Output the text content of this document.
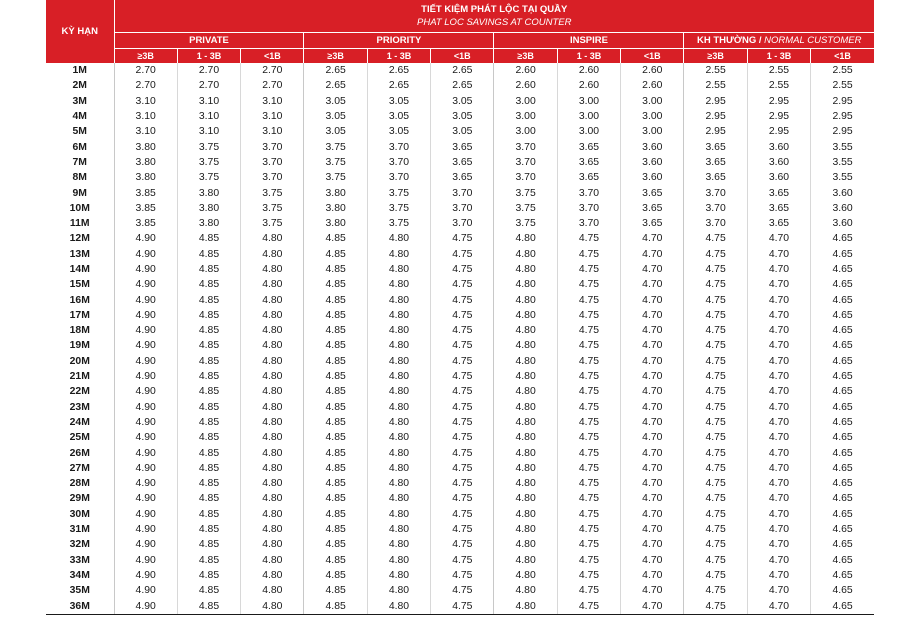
KỲ HẠN	TIẾT KIỆM PHÁT LỘC TẠI QUẦY
PHAT LOC SAVINGS AT COUNTER											

	PRIVATE			PRIORITY			INSPIRE			KH THƯỜNG / NORMAL CUSTOMER		
	≥3B	1 - 3B	<1B	≥3B	1 - 3B	<1B	≥3B	1 - 3B	<1B	≥3B	1 - 3B	<1B
1M	2.70	2.70	2.70	2.65	2.65	2.65	2.60	2.60	2.60	2.55	2.55	2.55
2M	2.70	2.70	2.70	2.65	2.65	2.65	2.60	2.60	2.60	2.55	2.55	2.55
3M	3.10	3.10	3.10	3.05	3.05	3.05	3.00	3.00	3.00	2.95	2.95	2.95
4M	3.10	3.10	3.10	3.05	3.05	3.05	3.00	3.00	3.00	2.95	2.95	2.95
5M	3.10	3.10	3.10	3.05	3.05	3.05	3.00	3.00	3.00	2.95	2.95	2.95
6M	3.80	3.75	3.70	3.75	3.70	3.65	3.70	3.65	3.60	3.65	3.60	3.55
7M	3.80	3.75	3.70	3.75	3.70	3.65	3.70	3.65	3.60	3.65	3.60	3.55
8M	3.80	3.75	3.70	3.75	3.70	3.65	3.70	3.65	3.60	3.65	3.60	3.55
9M	3.85	3.80	3.75	3.80	3.75	3.70	3.75	3.70	3.65	3.70	3.65	3.60
10M	3.85	3.80	3.75	3.80	3.75	3.70	3.75	3.70	3.65	3.70	3.65	3.60
11M	3.85	3.80	3.75	3.80	3.75	3.70	3.75	3.70	3.65	3.70	3.65	3.60
12M	4.90	4.85	4.80	4.85	4.80	4.75	4.80	4.75	4.70	4.75	4.70	4.65
13M	4.90	4.85	4.80	4.85	4.80	4.75	4.80	4.75	4.70	4.75	4.70	4.65
14M	4.90	4.85	4.80	4.85	4.80	4.75	4.80	4.75	4.70	4.75	4.70	4.65
15M	4.90	4.85	4.80	4.85	4.80	4.75	4.80	4.75	4.70	4.75	4.70	4.65
16M	4.90	4.85	4.80	4.85	4.80	4.75	4.80	4.75	4.70	4.75	4.70	4.65
17M	4.90	4.85	4.80	4.85	4.80	4.75	4.80	4.75	4.70	4.75	4.70	4.65
18M	4.90	4.85	4.80	4.85	4.80	4.75	4.80	4.75	4.70	4.75	4.70	4.65
19M	4.90	4.85	4.80	4.85	4.80	4.75	4.80	4.75	4.70	4.75	4.70	4.65
20M	4.90	4.85	4.80	4.85	4.80	4.75	4.80	4.75	4.70	4.75	4.70	4.65
21M	4.90	4.85	4.80	4.85	4.80	4.75	4.80	4.75	4.70	4.75	4.70	4.65
22M	4.90	4.85	4.80	4.85	4.80	4.75	4.80	4.75	4.70	4.75	4.70	4.65
23M	4.90	4.85	4.80	4.85	4.80	4.75	4.80	4.75	4.70	4.75	4.70	4.65
24M	4.90	4.85	4.80	4.85	4.80	4.75	4.80	4.75	4.70	4.75	4.70	4.65
25M	4.90	4.85	4.80	4.85	4.80	4.75	4.80	4.75	4.70	4.75	4.70	4.65
26M	4.90	4.85	4.80	4.85	4.80	4.75	4.80	4.75	4.70	4.75	4.70	4.65
27M	4.90	4.85	4.80	4.85	4.80	4.75	4.80	4.75	4.70	4.75	4.70	4.65
28M	4.90	4.85	4.80	4.85	4.80	4.75	4.80	4.75	4.70	4.75	4.70	4.65
29M	4.90	4.85	4.80	4.85	4.80	4.75	4.80	4.75	4.70	4.75	4.70	4.65
30M	4.90	4.85	4.80	4.85	4.80	4.75	4.80	4.75	4.70	4.75	4.70	4.65
31M	4.90	4.85	4.80	4.85	4.80	4.75	4.80	4.75	4.70	4.75	4.70	4.65
32M	4.90	4.85	4.80	4.85	4.80	4.75	4.80	4.75	4.70	4.75	4.70	4.65
33M	4.90	4.85	4.80	4.85	4.80	4.75	4.80	4.75	4.70	4.75	4.70	4.65
34M	4.90	4.85	4.80	4.85	4.80	4.75	4.80	4.75	4.70	4.75	4.70	4.65
35M	4.90	4.85	4.80	4.85	4.80	4.75	4.80	4.75	4.70	4.75	4.70	4.65
36M	4.90	4.85	4.80	4.85	4.80	4.75	4.80	4.75	4.70	4.75	4.70	4.65
